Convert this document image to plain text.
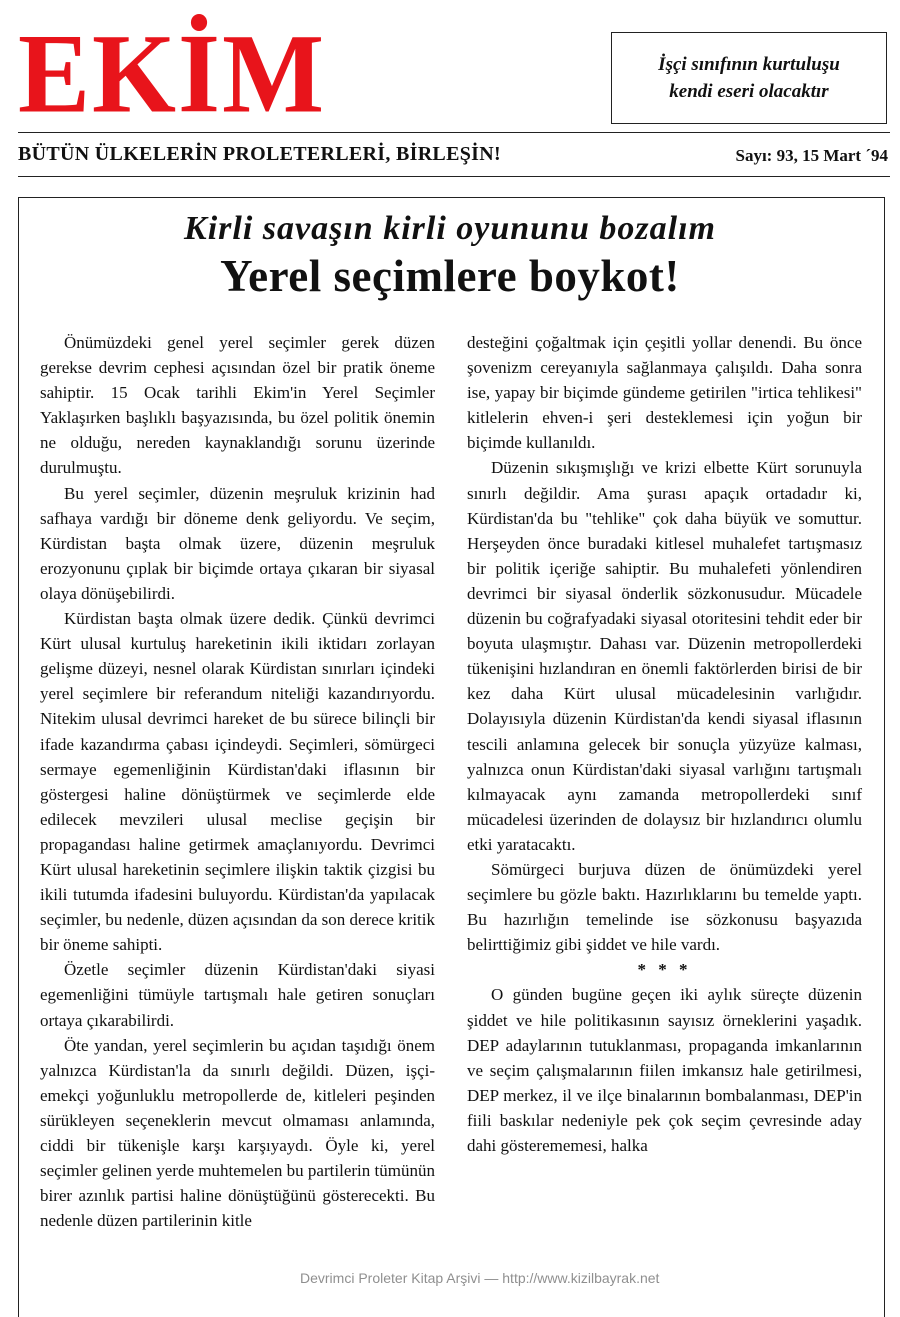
EKİM	İşçi sınıfının kurtuluşu
kendi eseri olacaktır
BÜTÜN ÜLKELERİN PROLETERLERİ, BİRLEŞİN!	Sayı: 93, 15 Mart ´94
Kirli savaşın kirli oyununu bozalım
Yerel seçimlere boykot!

Önümüzdeki genel yerel seçimler gerek düzen gerekse devrim cephesi açısından özel bir pratik öneme sahiptir. 15 Ocak tarihli Ekim'in Yerel Seçimler Yaklaşırken başlıklı başyazısında, bu özel politik önemin ne olduğu, nereden kaynaklandığı sorunu üzerinde durulmuştu.

Bu yerel seçimler, düzenin meşruluk krizinin had safhaya vardığı bir döneme denk geliyordu. Ve seçim, Kürdistan başta olmak üzere, düzenin meşruluk erozyonunu çıplak bir biçimde ortaya çıkaran bir siyasal olaya dönüşebilirdi.

Kürdistan başta olmak üzere dedik. Çünkü devrimci Kürt ulusal kurtuluş hareketinin ikili iktidarı zorlayan gelişme düzeyi, nesnel olarak Kürdistan sınırları içindeki yerel seçimlere bir referandum niteliği kazandırıyordu. Nitekim ulusal devrimci hareket de bu sürece bilinçli bir ifade kazandırma çabası içindeydi. Seçimleri, sömürgeci sermaye egemenliğinin Kürdistan'daki iflasının bir göstergesi haline dönüştürmek ve seçimlerde elde edilecek mevzileri ulusal meclise geçişin bir propagandası haline getirmek amaçlanıyordu. Devrimci Kürt ulusal hareketinin seçimlere ilişkin taktik çizgisi bu ikili tutumda ifadesini buluyordu. Kürdistan'da yapılacak seçimler, bu nedenle, düzen açısından da son derece kritik bir öneme sahipti.

Özetle seçimler düzenin Kürdistan'daki siyasi egemenliğini tümüyle tartışmalı hale getiren sonuçları ortaya çıkarabilirdi.

Öte yandan, yerel seçimlerin bu açıdan taşıdığı önem yalnızca Kürdistan'la da sınırlı değildi. Düzen, işçi-emekçi yoğunluklu metropollerde de, kitleleri peşinden sürükleyen seçeneklerin mevcut olmaması anlamında, ciddi bir tükenişle karşı karşıyaydı. Öyle ki, yerel seçimler gelinen yerde muhtemelen bu partilerin tümünün birer azınlık partisi haline dönüştüğünü gösterecekti. Bu nedenle düzen partilerinin kitle

desteğini çoğaltmak için çeşitli yollar denendi. Bu önce şovenizm cereyanıyla sağlanmaya çalışıldı. Daha sonra ise, yapay bir biçimde gündeme getirilen "irtica tehlikesi" kitlelerin ehven-i şeri desteklemesi için yoğun bir biçimde kullanıldı.

Düzenin sıkışmışlığı ve krizi elbette Kürt sorunuyla sınırlı değildir. Ama şurası apaçık ortadadır ki, Kürdistan'da bu "tehlike" çok daha büyük ve somuttur. Herşeyden önce buradaki kitlesel muhalefet tartışmasız bir politik içeriğe sahiptir. Bu muhalefeti yönlendiren devrimci bir siyasal önderlik sözkonusudur. Mücadele düzenin bu coğrafyadaki siyasal otoritesini tehdit eder bir boyuta ulaşmıştır. Dahası var. Düzenin metropollerdeki tükenişini hızlandıran en önemli faktörlerden birisi de bir kez daha Kürt ulusal mücadelesinin varlığıdır. Dolayısıyla düzenin Kürdistan'da kendi siyasal iflasının tescili anlamına gelecek bir sonuçla yüzyüze kalması, yalnızca onun Kürdistan'daki siyasal varlığını tartışmalı kılmayacak aynı zamanda metropollerdeki sınıf mücadelesi üzerinden de dolaysız bir hızlandırıcı olumlu etki yaratacaktı.

Sömürgeci burjuva düzen de önümüzdeki yerel seçimlere bu gözle baktı. Hazırlıklarını bu temelde yaptı. Bu hazırlığın temelinde ise sözkonusu başyazıda belirttiğimiz gibi şiddet ve hile vardı.

* * *

O günden bugüne geçen iki aylık süreçte düzenin şiddet ve hile politikasının sayısız örneklerini yaşadık. DEP adaylarının tutuklanması, propaganda imkanlarının ve seçim çalışmalarının fiilen imkansız hale getirilmesi, DEP merkez, il ve ilçe binalarının bombalanması, DEP'in fiili baskılar nedeniyle pek çok seçim çevresinde aday dahi gösterememesi, halka

Devrimci Proleter Kitap Arşivi — http://www.kizilbayrak.net
